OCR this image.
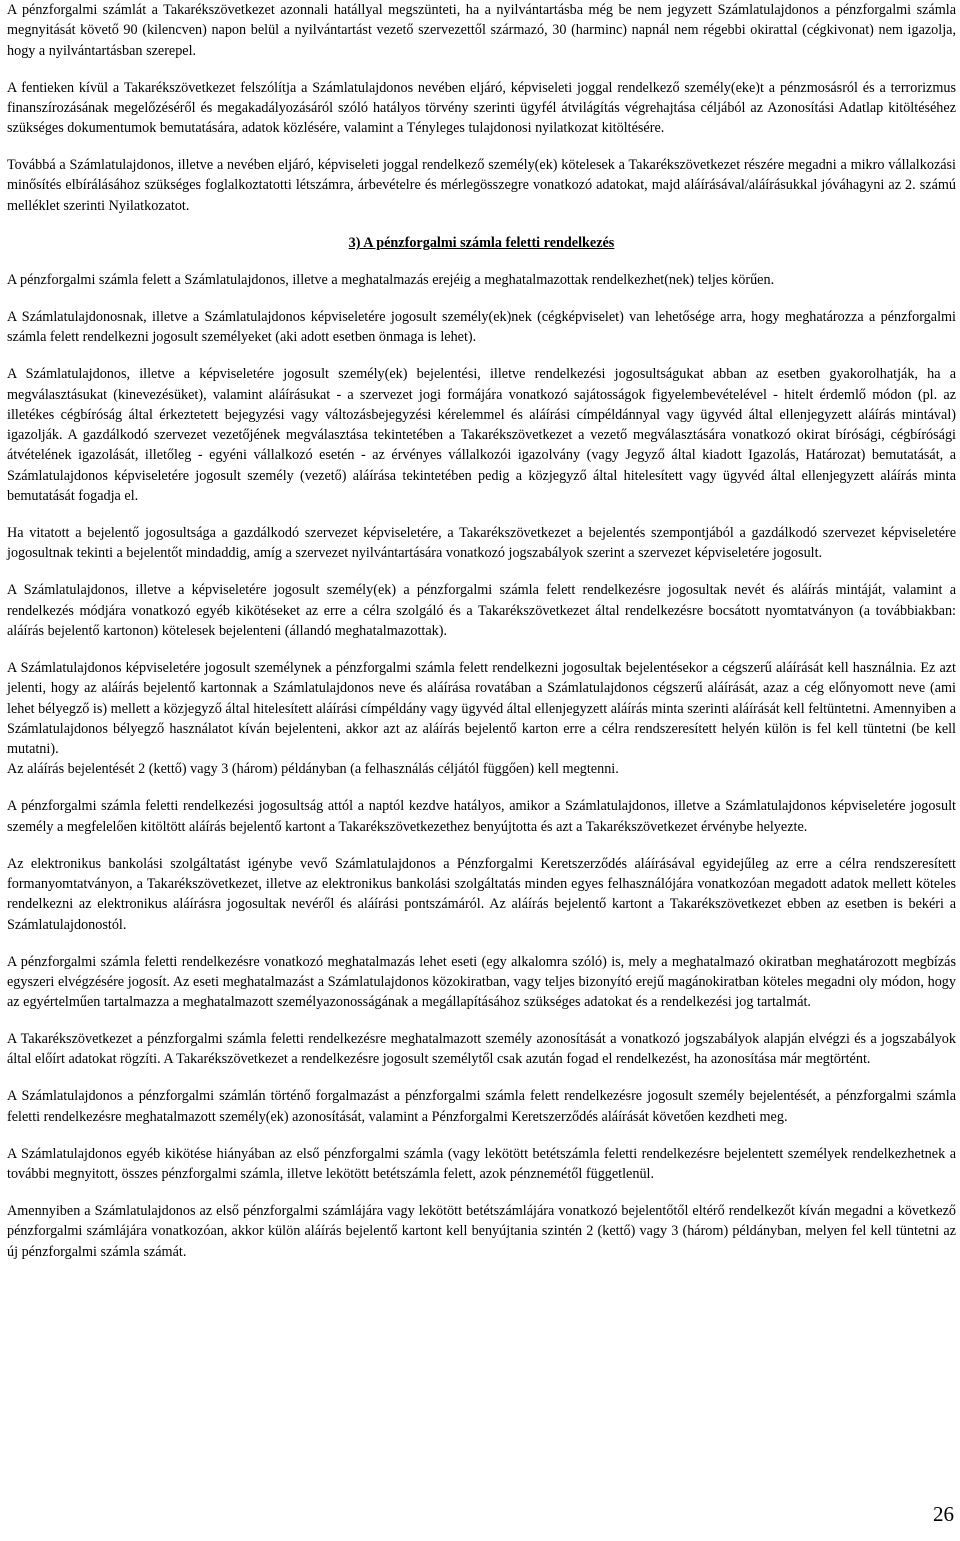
A pénzforgalmi számlát a Takarékszövetkezet azonnali hatállyal megszünteti, ha a nyilvántartásba még be nem jegyzett Számlatulajdonos a pénzforgalmi számla megnyitását követő 90 (kilencven) napon belül a nyilvántartást vezető szervezettől származó, 30 (harminc) napnál nem régebbi okirattal (cégkivonat) nem igazolja, hogy a nyilvántartásban szerepel.

A fentieken kívül a Takarékszövetkezet felszólítja a Számlatulajdonos nevében eljáró, képviseleti joggal rendelkező személy(eke)t a pénzmosásról és a terrorizmus finanszírozásának megelőzéséről és megakadályozásáról szóló hatályos törvény szerinti ügyfél átvilágítás végrehajtása céljából az Azonosítási Adatlap kitöltéséhez szükséges dokumentumok bemutatására, adatok közlésére, valamint a Tényleges tulajdonosi nyilatkozat kitöltésére.

Továbbá a Számlatulajdonos, illetve a nevében eljáró, képviseleti joggal rendelkező személy(ek) kötelesek a Takarékszövetkezet részére megadni a mikro vállalkozási minősítés elbírálásához szükséges foglalkoztatotti létszámra, árbevételre és mérlegösszegre vonatkozó adatokat, majd aláírásával/aláírásukkal jóváhagyni az 2. számú melléklet szerinti Nyilatkozatot.

3) A pénzforgalmi számla feletti rendelkezés

A pénzforgalmi számla felett a Számlatulajdonos, illetve a meghatalmazás erejéig a meghatalmazottak rendelkezhet(nek) teljes körűen.

A Számlatulajdonosnak, illetve a Számlatulajdonos képviseletére jogosult személy(ek)nek (cégképviselet) van lehetősége arra, hogy meghatározza a pénzforgalmi számla felett rendelkezni jogosult személyeket (aki adott esetben önmaga is lehet).

A Számlatulajdonos, illetve a képviseletére jogosult személy(ek) bejelentési, illetve rendelkezési jogosultságukat abban az esetben gyakorolhatják, ha a megválasztásukat (kinevezésüket), valamint aláírásukat - a szervezet jogi formájára vonatkozó sajátosságok figyelembevételével - hitelt érdemlő módon (pl. az illetékes cégbíróság által érkeztetett bejegyzési vagy változásbejegyzési kérelemmel és aláírási címpéldánnyal vagy ügyvéd által ellenjegyzett aláírás mintával) igazolják. A gazdálkodó szervezet vezetőjének megválasztása tekintetében a Takarékszövetkezet a vezető megválasztására vonatkozó okirat bírósági, cégbírósági átvételének igazolását, illetőleg - egyéni vállalkozó esetén - az érvényes vállalkozói igazolvány (vagy Jegyző által kiadott Igazolás, Határozat) bemutatását, a Számlatulajdonos képviseletére jogosult személy (vezető) aláírása tekintetében pedig a közjegyző által hitelesített vagy ügyvéd által ellenjegyzett aláírás minta bemutatását fogadja el.

Ha vitatott a bejelentő jogosultsága a gazdálkodó szervezet képviseletére, a Takarékszövetkezet a bejelentés szempontjából a gazdálkodó szervezet képviseletére jogosultnak tekinti a bejelentőt mindaddig, amíg a szervezet nyilvántartására vonatkozó jogszabályok szerint a szervezet képviseletére jogosult.

A Számlatulajdonos, illetve a képviseletére jogosult személy(ek) a pénzforgalmi számla felett rendelkezésre jogosultak nevét és aláírás mintáját, valamint a rendelkezés módjára vonatkozó egyéb kikötéseket az erre a célra szolgáló és a Takarékszövetkezet által rendelkezésre bocsátott nyomtatványon (a továbbiakban: aláírás bejelentő kartonon) kötelesek bejelenteni (állandó meghatalmazottak).

A Számlatulajdonos képviseletére jogosult személynek a pénzforgalmi számla felett rendelkezni jogosultak bejelentésekor a cégszerű aláírását kell használnia. Ez azt jelenti, hogy az aláírás bejelentő kartonnak a Számlatulajdonos neve és aláírása rovatában a Számlatulajdonos cégszerű aláírását, azaz a cég előnyomott neve (ami lehet bélyegző is) mellett a közjegyző által hitelesített aláírási címpéldány vagy ügyvéd által ellenjegyzett aláírás minta szerinti aláírását kell feltüntetni. Amennyiben a Számlatulajdonos bélyegző használatot kíván bejelenteni, akkor azt az aláírás bejelentő karton erre a célra rendszeresített helyén külön is fel kell tüntetni (be kell mutatni).

Az aláírás bejelentését 2 (kettő) vagy 3 (három) példányban (a felhasználás céljától függően) kell megtenni.

A pénzforgalmi számla feletti rendelkezési jogosultság attól a naptól kezdve hatályos, amikor a Számlatulajdonos, illetve a Számlatulajdonos képviseletére jogosult személy a megfelelően kitöltött aláírás bejelentő kartont a Takarékszövetkezethez benyújtotta és azt a Takarékszövetkezet érvénybe helyezte.

Az elektronikus bankolási szolgáltatást igénybe vevő Számlatulajdonos a Pénzforgalmi Keretszerződés aláírásával egyidejűleg az erre a célra rendszeresített formanyomtatványon, a Takarékszövetkezet, illetve az elektronikus bankolási szolgáltatás minden egyes felhasználójára vonatkozóan megadott adatok mellett köteles rendelkezni az elektronikus aláírásra jogosultak nevéről és aláírási pontszámáról. Az aláírás bejelentő kartont a Takarékszövetkezet ebben az esetben is bekéri a Számlatulajdonostól.

A pénzforgalmi számla feletti rendelkezésre vonatkozó meghatalmazás lehet eseti (egy alkalomra szóló) is, mely a meghatalmazó okiratban meghatározott megbízás egyszeri elvégzésére jogosít. Az eseti meghatalmazást a Számlatulajdonos közokiratban, vagy teljes bizonyító erejű magánokiratban köteles megadni oly módon, hogy az egyértelműen tartalmazza a meghatalmazott személyazonosságának a megállapításához szükséges adatokat és a rendelkezési jog tartalmát.

A Takarékszövetkezet a pénzforgalmi számla feletti rendelkezésre meghatalmazott személy azonosítását a vonatkozó jogszabályok alapján elvégzi és a jogszabályok által előírt adatokat rögzíti. A Takarékszövetkezet a rendelkezésre jogosult személytől csak azután fogad el rendelkezést, ha azonosítása már megtörtént.

A Számlatulajdonos a pénzforgalmi számlán történő forgalmazást a pénzforgalmi számla felett rendelkezésre jogosult személy bejelentését, a pénzforgalmi számla feletti rendelkezésre meghatalmazott személy(ek) azonosítását, valamint a Pénzforgalmi Keretszerződés aláírását követően kezdheti meg.

A Számlatulajdonos egyéb kikötése hiányában az első pénzforgalmi számla (vagy lekötött betétszámla feletti rendelkezésre bejelentett személyek rendelkezhetnek a további megnyitott, összes pénzforgalmi számla, illetve lekötött betétszámla felett, azok pénznemétől függetlenül.

Amennyiben a Számlatulajdonos az első pénzforgalmi számlájára vagy lekötött betétszámlájára vonatkozó bejelentőtől eltérő rendelkezőt kíván megadni a következő pénzforgalmi számlájára vonatkozóan, akkor külön aláírás bejelentő kartont kell benyújtania szintén 2 (kettő) vagy 3 (három) példányban, melyen fel kell tüntetni az új pénzforgalmi számla számát.

26
